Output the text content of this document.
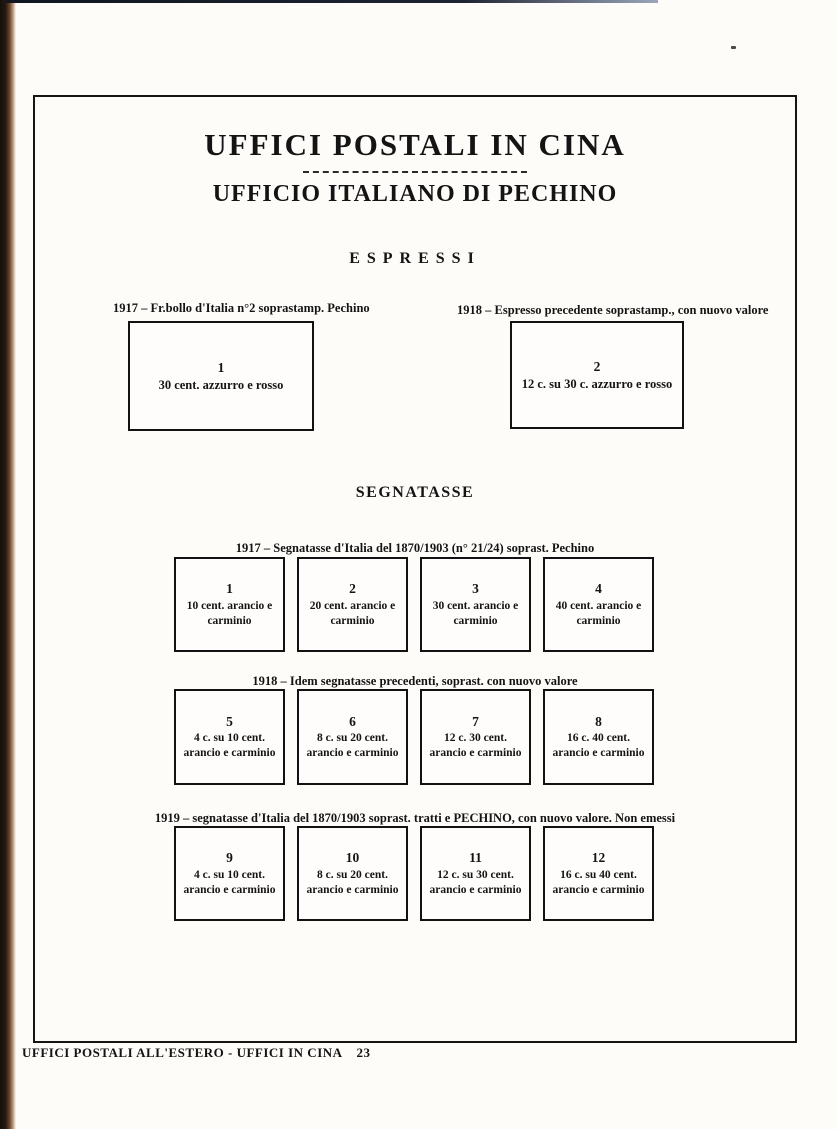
UFFICI POSTALI IN CINA
UFFICIO ITALIANO DI PECHINO
ESPRESSI
1917 – Fr.bollo d'Italia n°2 soprastamp. Pechino
1
30 cent. azzurro e rosso
1918 – Espresso precedente soprastamp., con nuovo valore
2
12 c. su 30 c. azzurro e rosso
SEGNATASSE
1917 – Segnatasse d'Italia del 1870/1903 (n° 21/24) soprast. Pechino
1
10 cent. arancio e carminio
2
20 cent. arancio e carminio
3
30 cent. arancio e carminio
4
40 cent. arancio e carminio
1918 – Idem segnatasse precedenti, soprast. con nuovo valore
5
4 c. su 10 cent. arancio e carminio
6
8 c. su 20 cent. arancio e carminio
7
12 c. 30 cent. arancio e carminio
8
16 c. 40 cent. arancio e carminio
1919 – segnatasse d'Italia del 1870/1903 soprast. tratti e PECHINO, con nuovo valore. Non emessi
9
4 c. su 10 cent. arancio e carminio
10
8 c. su 20 cent. arancio e carminio
11
12 c. su 30 cent. arancio e carminio
12
16 c. su 40 cent. arancio e carminio
UFFICI POSTALI ALL'ESTERO - UFFICI IN CINA 23
